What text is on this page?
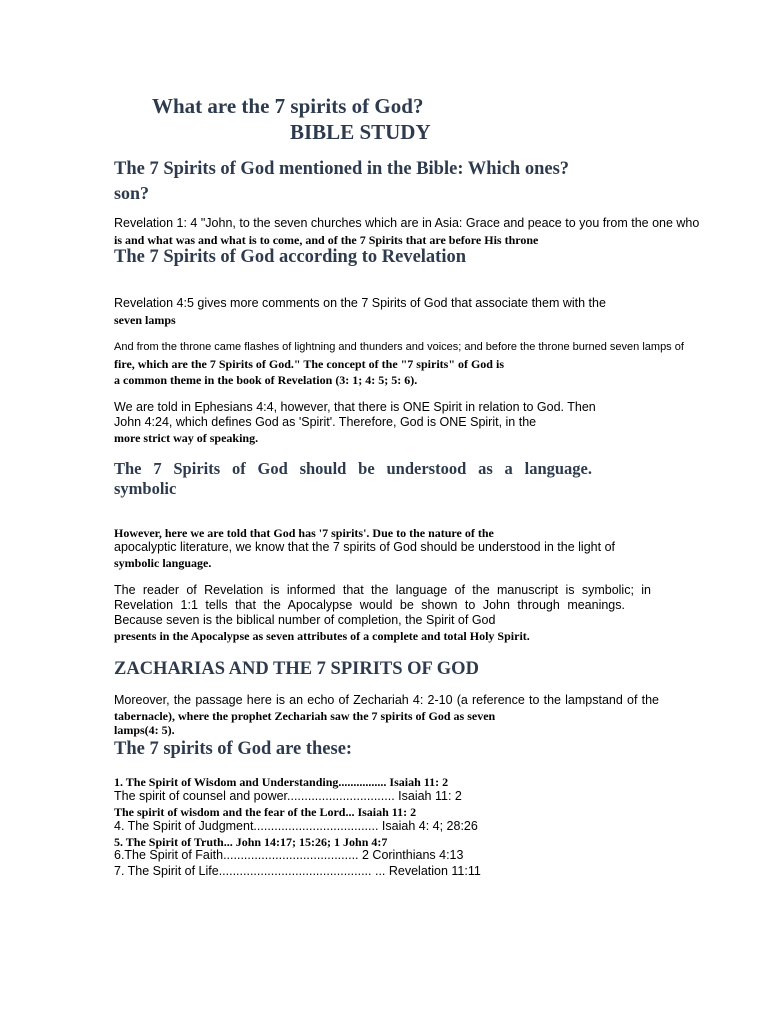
What are the 7 spirits of God?
BIBLE STUDY
The 7 Spirits of God mentioned in the Bible: Which ones?
son?
Revelation 1: 4 "John, to the seven churches which are in Asia: Grace and peace to you from the one who
is and what was and what is to come, and of the 7 Spirits that are before His throne
The 7 Spirits of God according to Revelation
Revelation 4:5 gives more comments on the 7 Spirits of God that associate them with the
seven lamps
And from the throne came flashes of lightning and thunders and voices; and before the throne burned seven lamps of
fire, which are the 7 Spirits of God." The concept of the "7 spirits" of God is
a common theme in the book of Revelation (3: 1; 4: 5; 5: 6).
We are told in Ephesians 4:4, however, that there is ONE Spirit in relation to God. Then
John 4:24, which defines God as 'Spirit'. Therefore, God is ONE Spirit, in the
more strict way of speaking.
The 7 Spirits of God should be understood as a language.
symbolic
However, here we are told that God has '7 spirits'. Due to the nature of the
apocalyptic literature, we know that the 7 spirits of God should be understood in the light of
symbolic language.
The reader of Revelation is informed that the language of the manuscript is symbolic; in
Revelation 1:1 tells that the Apocalypse would be shown to John through meanings.
Because seven is the biblical number of completion, the Spirit of God
presents in the Apocalypse as seven attributes of a complete and total Holy Spirit.
ZACHARIAS AND THE 7 SPIRITS OF GOD
Moreover, the passage here is an echo of Zechariah 4: 2-10 (a reference to the lampstand of the
tabernacle), where the prophet Zechariah saw the 7 spirits of God as seven
lamps(4: 5).
The 7 spirits of God are these:
1. The Spirit of Wisdom and Understanding................ Isaiah 11: 2
The spirit of counsel and power............................... Isaiah 11: 2
The spirit of wisdom and the fear of the Lord... Isaiah 11: 2
4. The Spirit of Judgment.................................... Isaiah 4: 4; 28:26
5. The Spirit of Truth... John 14:17; 15:26; 1 John 4:7
6.The Spirit of Faith....................................... 2 Corinthians 4:13
7. The Spirit of Life............................................ ... Revelation 11:11
